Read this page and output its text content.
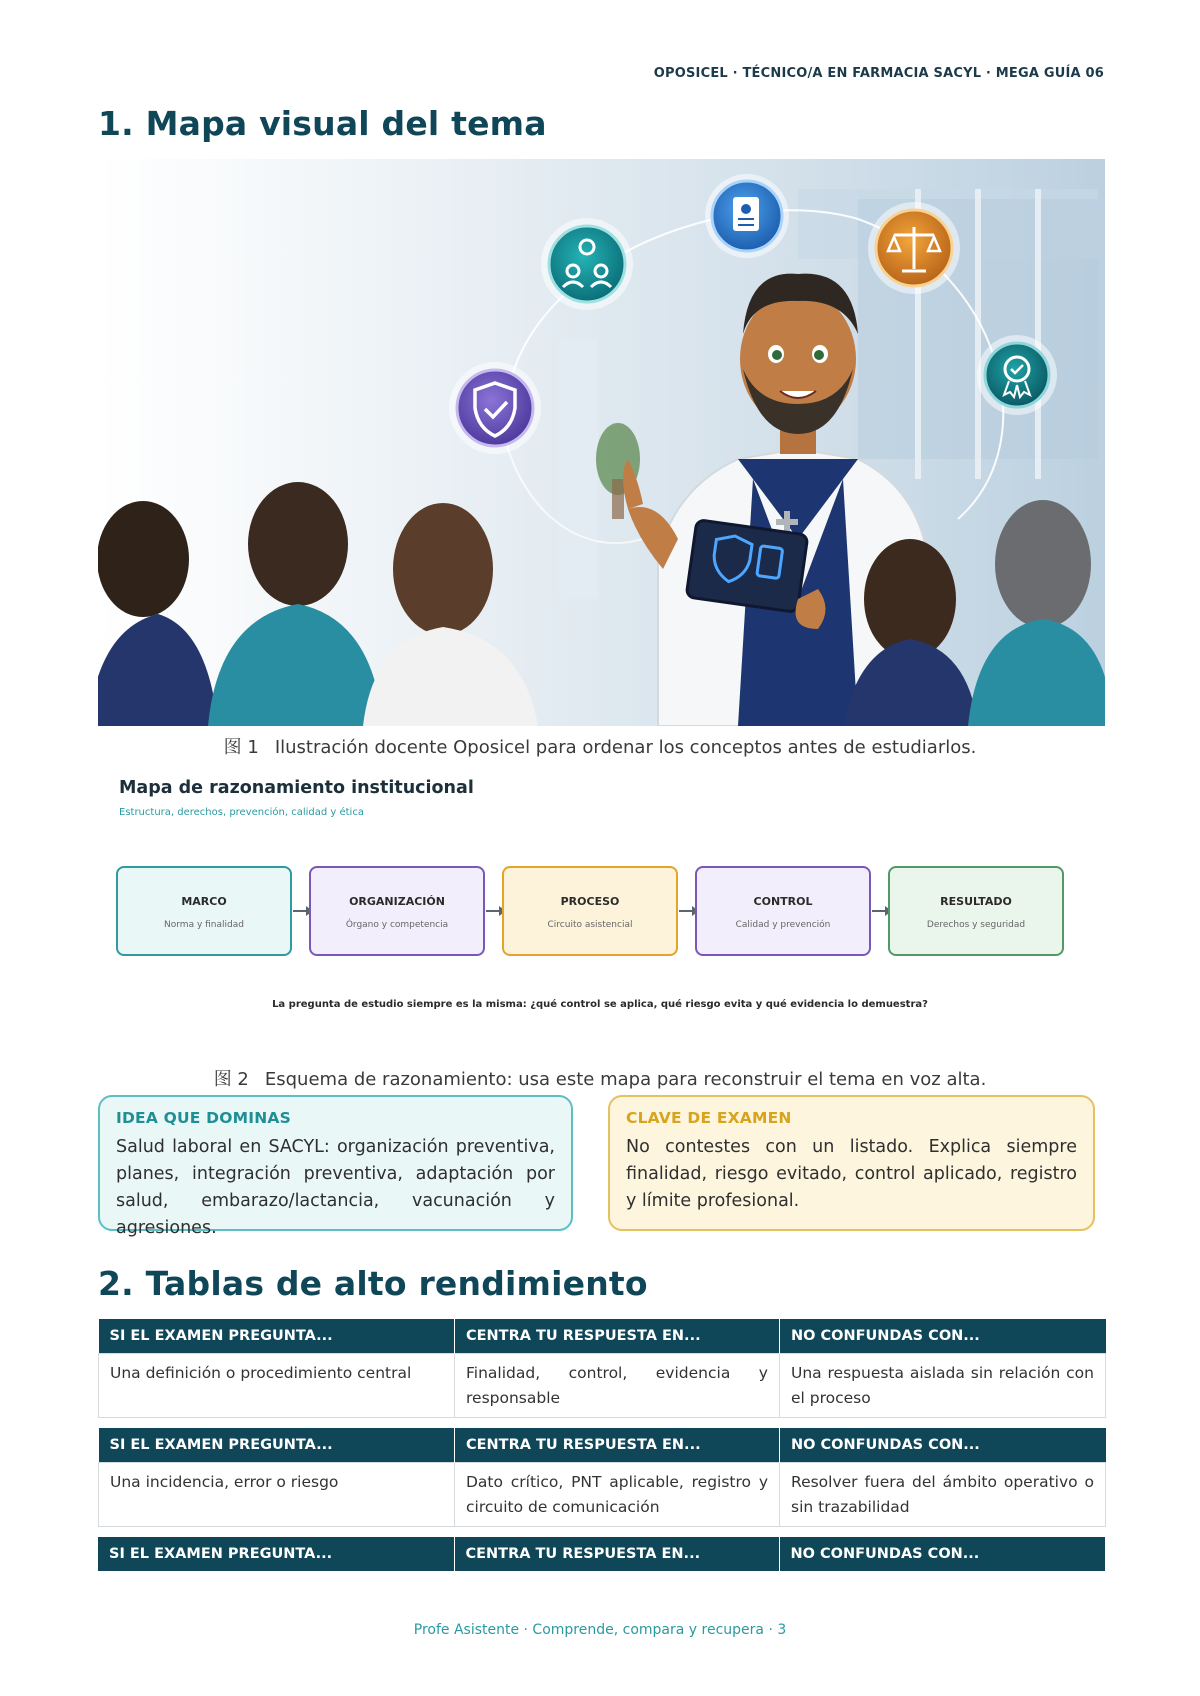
OPOSICEL · TÉCNICO/A EN FARMACIA SACYL · MEGA GUÍA 06
1. Mapa visual del tema
图 1 Ilustración docente Oposicel para ordenar los conceptos antes de estudiarlos.
Mapa de razonamiento institucional
Estructura, derechos, prevención, calidad y ética
MARCO
Norma y finalidad
ORGANIZACIÓN
Órgano y competencia
PROCESO
Circuito asistencial
CONTROL
Calidad y prevención
RESULTADO
Derechos y seguridad
La pregunta de estudio siempre es la misma: ¿qué control se aplica, qué riesgo evita y qué evidencia lo demuestra?
图 2 Esquema de razonamiento: usa este mapa para reconstruir el tema en voz alta.
IDEA QUE DOMINAS
Salud laboral en SACYL: organización preventiva, planes, integración preventiva, adaptación por salud, embarazo/lactancia, vacunación y agresiones.
CLAVE DE EXAMEN
No contestes con un listado. Explica siempre finalidad, riesgo evitado, control aplicado, registro y límite profesional.
2. Tablas de alto rendimiento
SI EL EXAMEN PREGUNTA...	CENTRA TU RESPUESTA EN...	NO CONFUNDAS CON...
Una definición o procedimiento central	Finalidad, control, evidencia y responsable	Una respuesta aislada sin relación con el proceso
SI EL EXAMEN PREGUNTA...	CENTRA TU RESPUESTA EN...	NO CONFUNDAS CON...
Una incidencia, error o riesgo	Dato crítico, PNT aplicable, registro y circuito de comunicación	Resolver fuera del ámbito operativo o sin trazabilidad
SI EL EXAMEN PREGUNTA...	CENTRA TU RESPUESTA EN...	NO CONFUNDAS CON...
Profe Asistente · Comprende, compara y recupera · 3
